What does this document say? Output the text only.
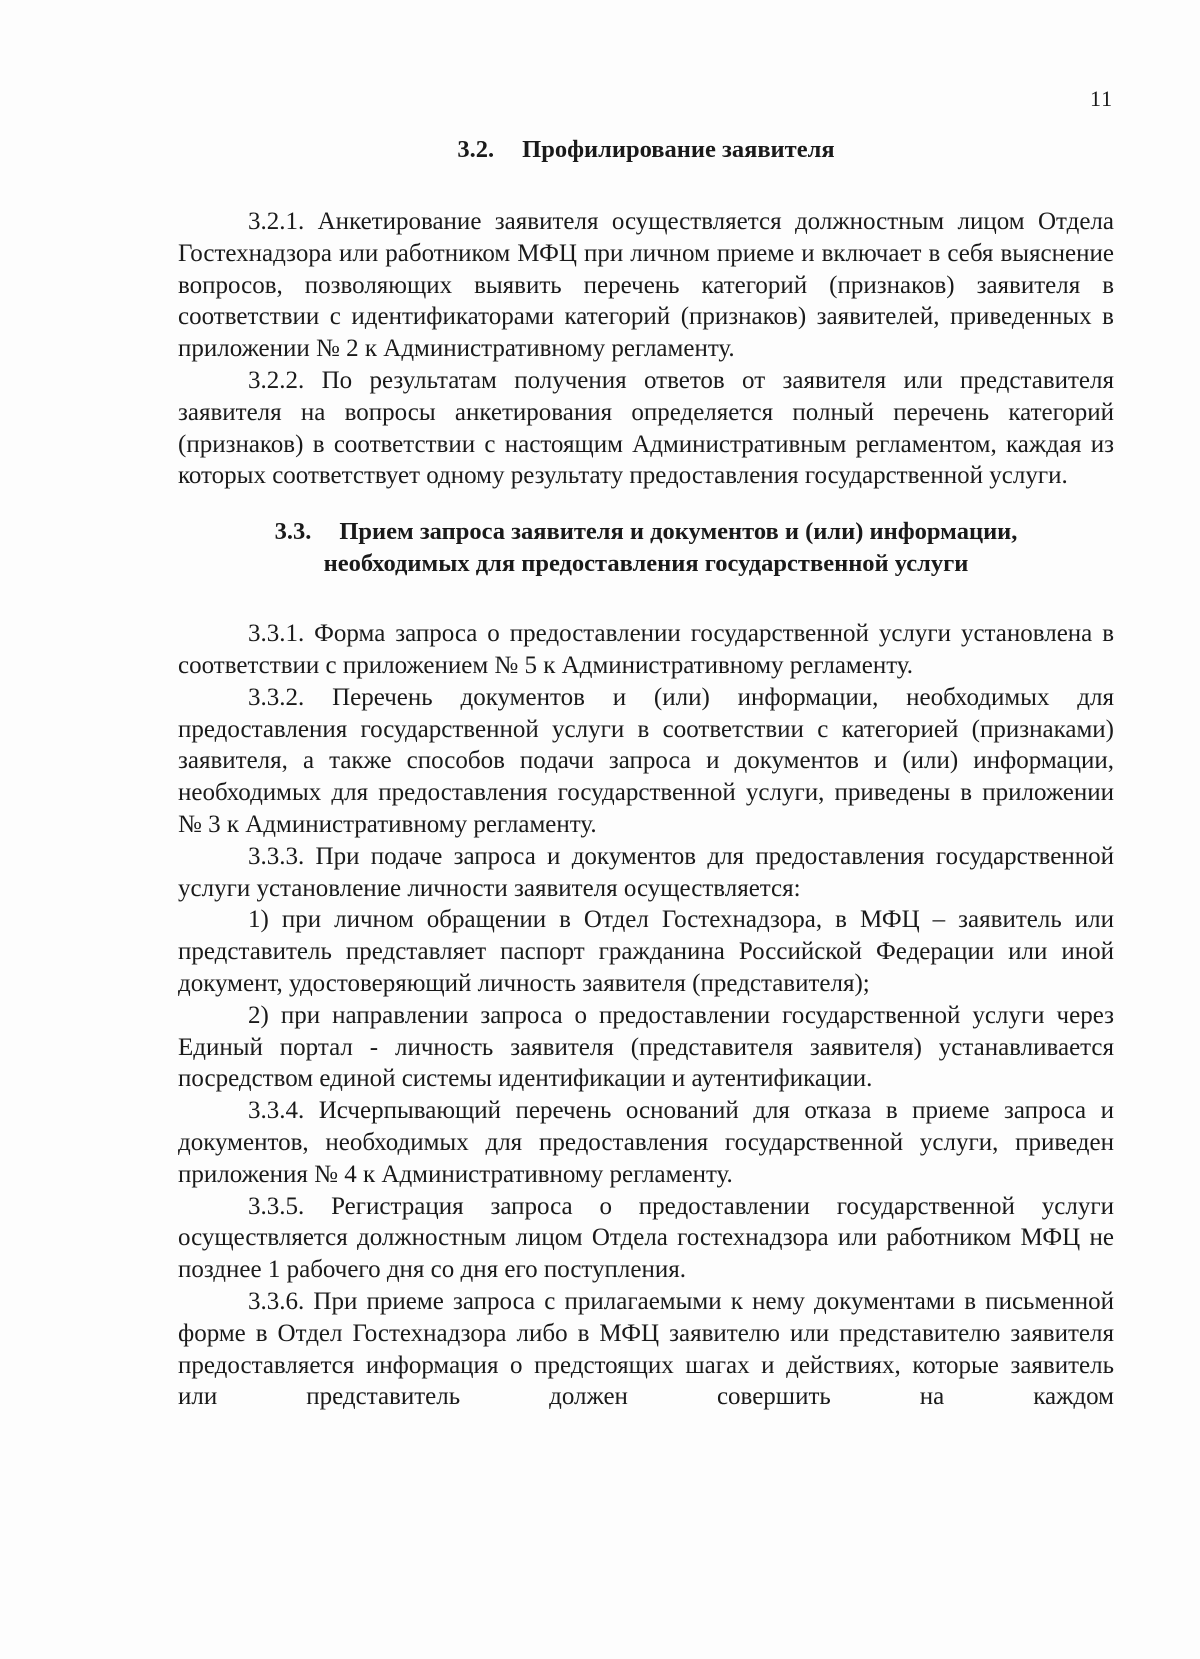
11
3.2. Профилирование заявителя

3.2.1. Анкетирование заявителя осуществляется должностным лицом Отдела Гостехнадзора или работником МФЦ при личном приеме и включает в себя выяснение вопросов, позволяющих выявить перечень категорий (признаков) заявителя в соответствии с идентификаторами категорий (признаков) заявителей, приведенных в приложении № 2 к Административному регламенту.

3.2.2. По результатам получения ответов от заявителя или представителя заявителя на вопросы анкетирования определяется полный перечень категорий (признаков) в соответствии с настоящим Административным регламентом, каждая из которых соответствует одному результату предоставления государственной услуги.

3.3. Прием запроса заявителя и документов и (или) информации,
необходимых для предоставления государственной услуги

3.3.1. Форма запроса о предоставлении государственной услуги установлена в соответствии с приложением № 5 к Административному регламенту.

3.3.2. Перечень документов и (или) информации, необходимых для предоставления государственной услуги в соответствии с категорией (признаками) заявителя, а также способов подачи запроса и документов и (или) информации, необходимых для предоставления государственной услуги, приведены в приложении № 3 к Административному регламенту.

3.3.3. При подаче запроса и документов для предоставления государственной услуги установление личности заявителя осуществляется:

1) при личном обращении в Отдел Гостехнадзора, в МФЦ – заявитель или представитель представляет паспорт гражданина Российской Федерации или иной документ, удостоверяющий личность заявителя (представителя);

2) при направлении запроса о предоставлении государственной услуги через Единый портал - личность заявителя (представителя заявителя) устанавливается посредством единой системы идентификации и аутентификации.

3.3.4. Исчерпывающий перечень оснований для отказа в приеме запроса и документов, необходимых для предоставления государственной услуги, приведен приложения № 4 к Административному регламенту.

3.3.5. Регистрация запроса о предоставлении государственной услуги осуществляется должностным лицом Отдела гостехнадзора или работником МФЦ не позднее 1 рабочего дня со дня его поступления.

3.3.6. При приеме запроса с прилагаемыми к нему документами в письменной форме в Отдел Гостехнадзора либо в МФЦ заявителю или представителю заявителя предоставляется информация о предстоящих шагах и действиях, которые заявитель или представитель должен совершить на каждом
